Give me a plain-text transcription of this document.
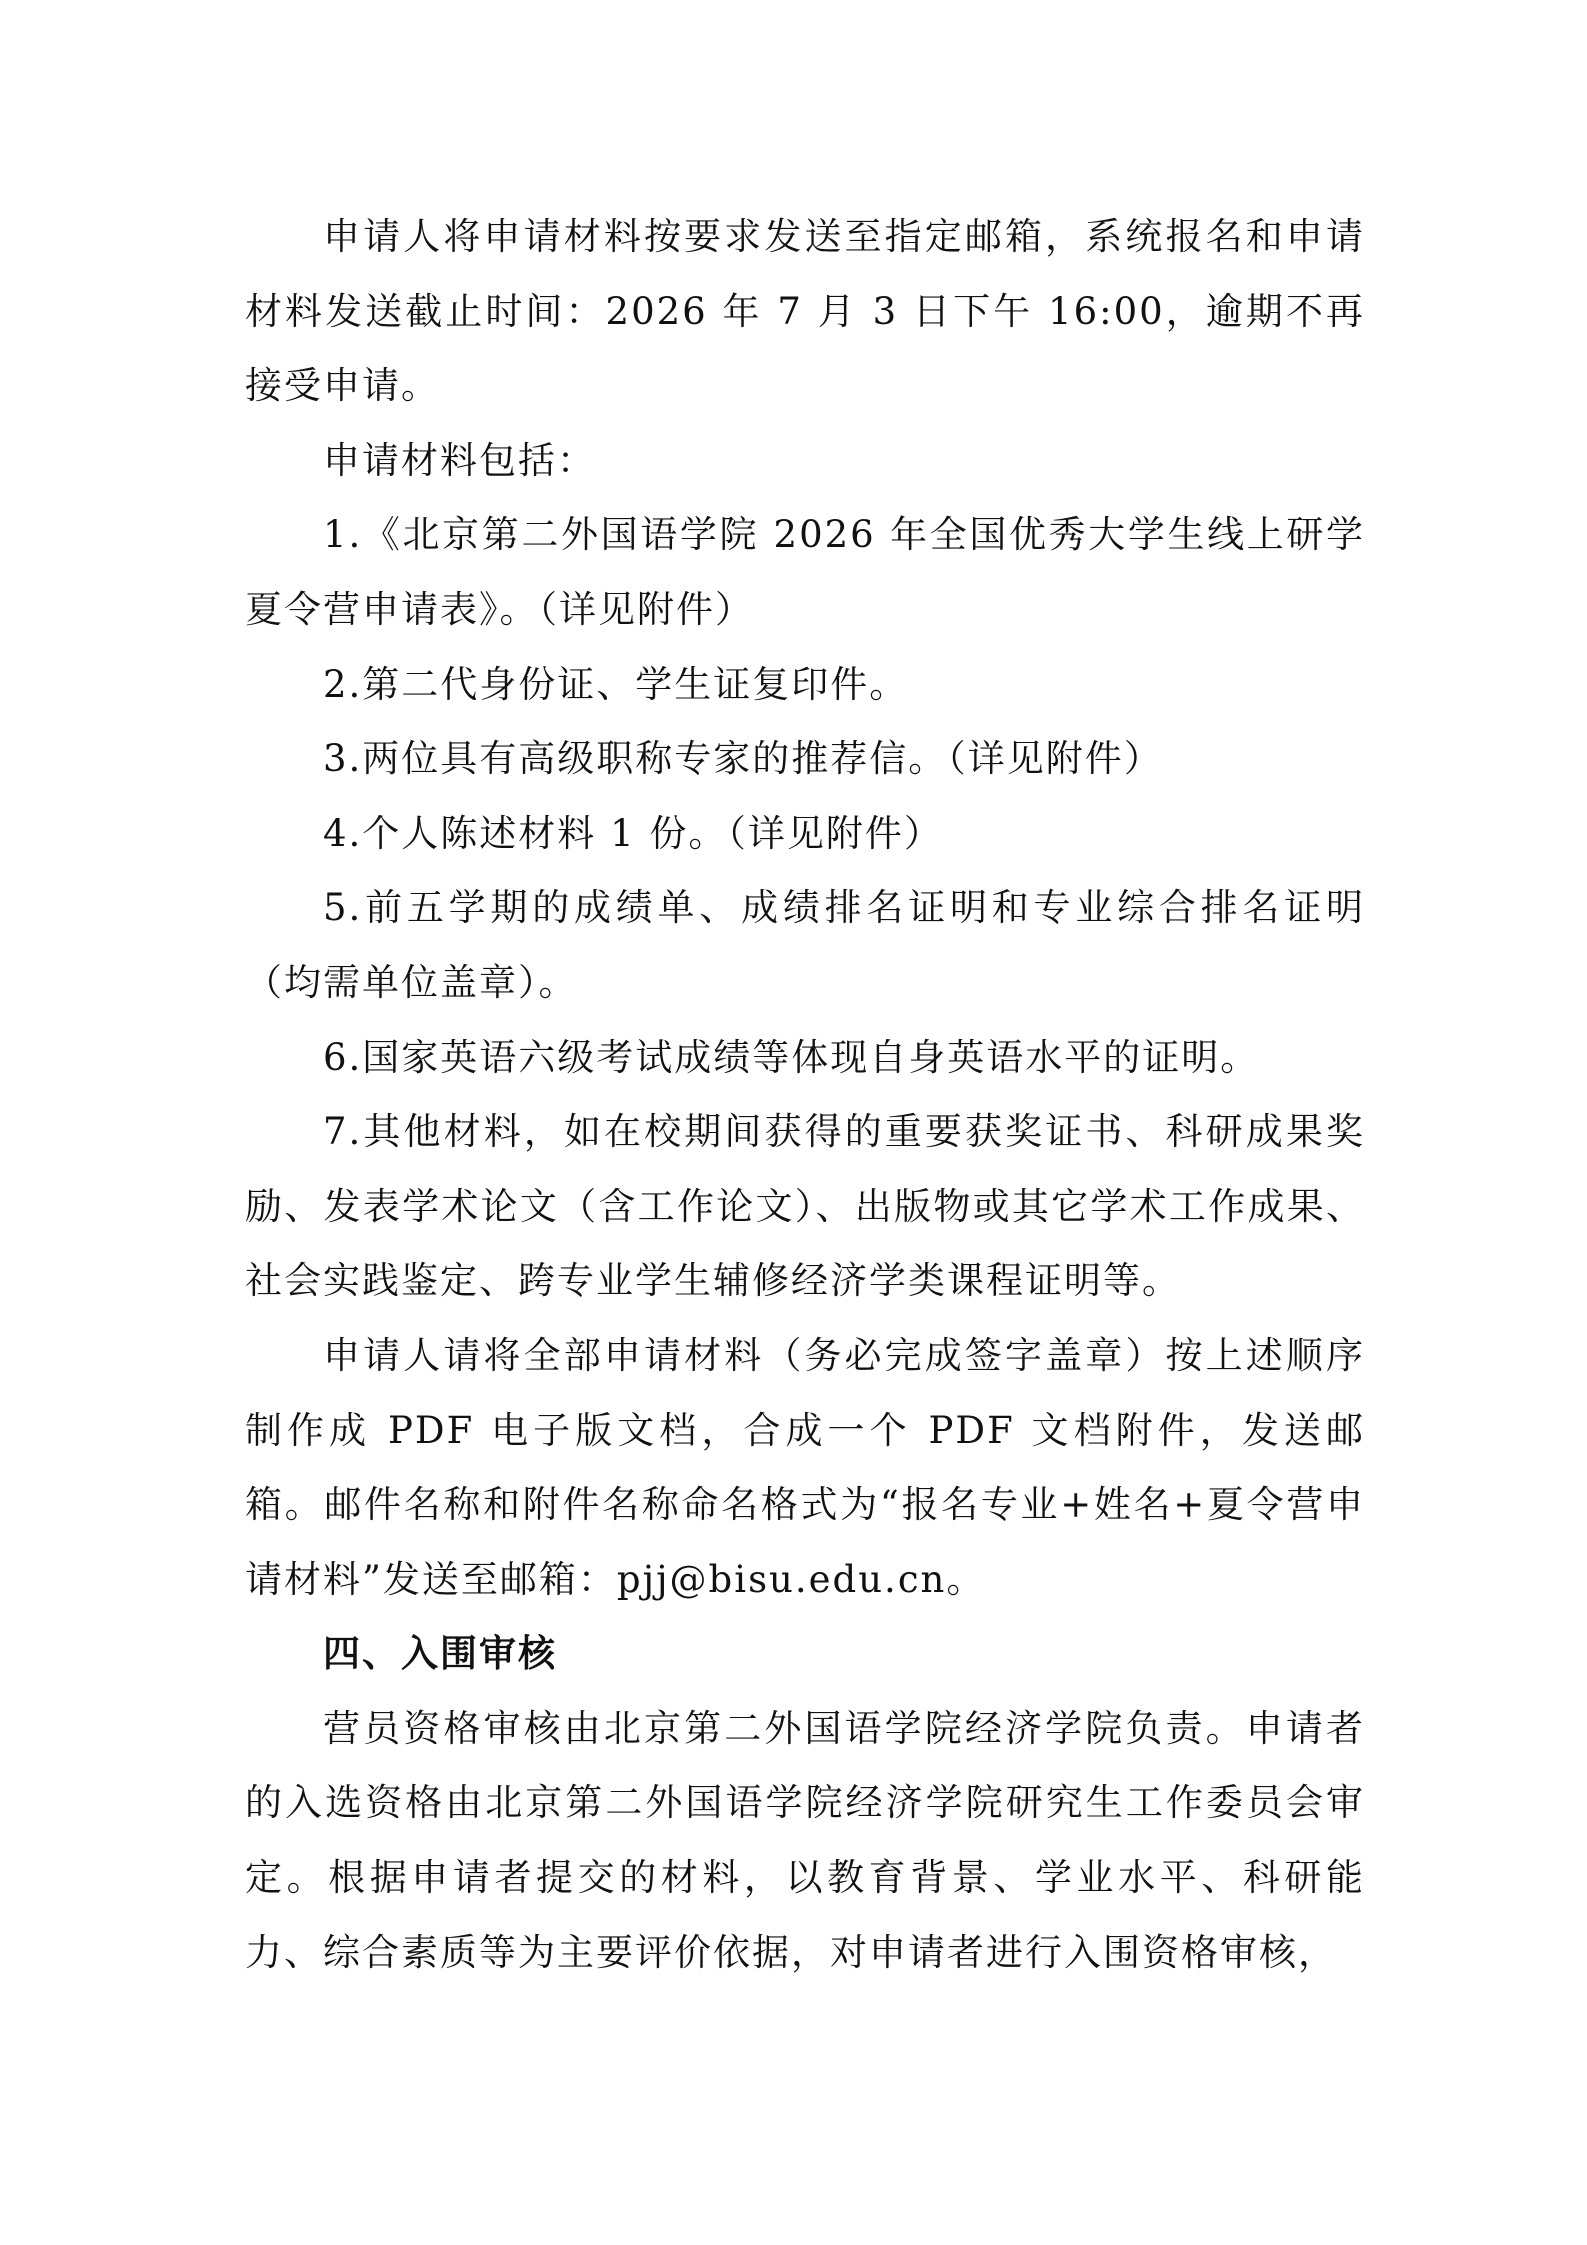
申请人将申请材料按要求发送至指定邮箱，系统报名和申请材料发送截止时间：2026 年 7 月 3 日下午 16:00，逾期不再接受申请。

申请材料包括：

1.《北京第二外国语学院 2026 年全国优秀大学生线上研学夏令营申请表》。（详见附件）

2.第二代身份证、学生证复印件。

3.两位具有高级职称专家的推荐信。（详见附件）

4.个人陈述材料 1 份。（详见附件）

5.前五学期的成绩单、成绩排名证明和专业综合排名证明（均需单位盖章）。

6.国家英语六级考试成绩等体现自身英语水平的证明。

7.其他材料，如在校期间获得的重要获奖证书、科研成果奖励、发表学术论文（含工作论文）、出版物或其它学术工作成果、社会实践鉴定、跨专业学生辅修经济学类课程证明等。

申请人请将全部申请材料（务必完成签字盖章）按上述顺序制作成 PDF 电子版文档，合成一个 PDF 文档附件，发送邮箱。邮件名称和附件名称命名格式为“报名专业+姓名+夏令营申请材料”发送至邮箱：pjj@bisu.edu.cn。

四、入围审核

营员资格审核由北京第二外国语学院经济学院负责。申请者的入选资格由北京第二外国语学院经济学院研究生工作委员会审定。根据申请者提交的材料，以教育背景、学业水平、科研能力、综合素质等为主要评价依据，对申请者进行入围资格审核，
